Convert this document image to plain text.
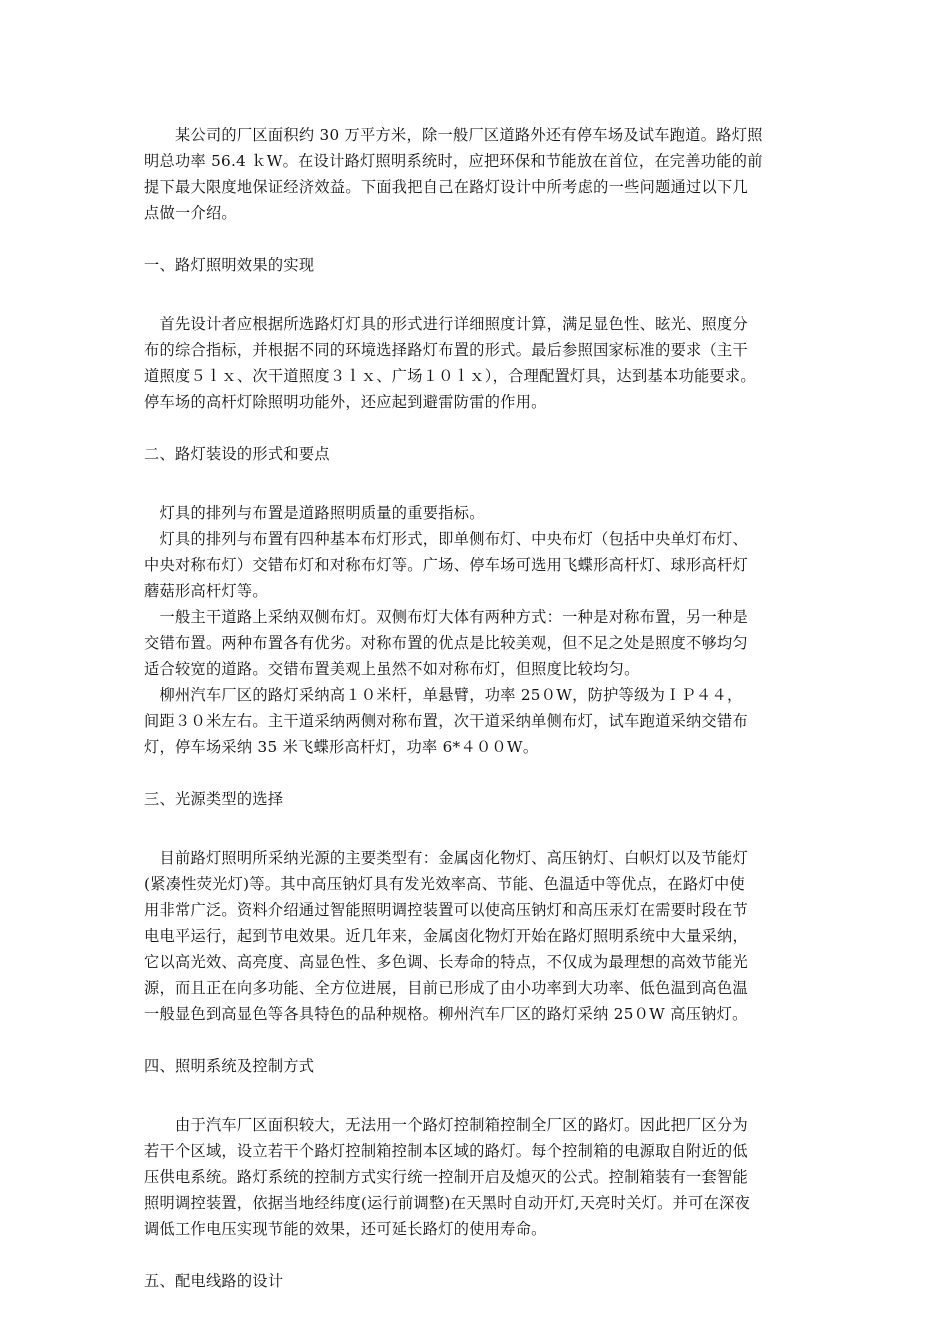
　　某公司的厂区面积约 30 万平方米，除一般厂区道路外还有停车场及试车跑道。路灯照
明总功率 56.4 ｋW。在设计路灯照明系统时，应把环保和节能放在首位，在完善功能的前
提下最大限度地保证经济效益。下面我把自己在路灯设计中所考虑的一些问题通过以下几
点做一介绍。

一、路灯照明效果的实现

　首先设计者应根据所选路灯灯具的形式进行详细照度计算，满足显色性、眩光、照度分
布的综合指标，并根据不同的环境选择路灯布置的形式。最后参照国家标准的要求（主干
道照度５ｌｘ、次干道照度３ｌｘ、广场１０ｌｘ），合理配置灯具，达到基本功能要求。
停车场的高杆灯除照明功能外，还应起到避雷防雷的作用。

二、路灯装设的形式和要点

　灯具的排列与布置是道路照明质量的重要指标。
　灯具的排列与布置有四种基本布灯形式，即单侧布灯、中央布灯（包括中央单灯布灯、
中央对称布灯）交错布灯和对称布灯等。广场、停车场可选用飞蝶形高杆灯、球形高杆灯
蘑菇形高杆灯等。
　一般主干道路上采纳双侧布灯。双侧布灯大体有两种方式：一种是对称布置，另一种是
交错布置。两种布置各有优劣。对称布置的优点是比较美观，但不足之处是照度不够均匀
适合较宽的道路。交错布置美观上虽然不如对称布灯，但照度比较均匀。
　柳州汽车厂区的路灯采纳高１０米杆，单悬臂，功率 25０W，防护等级为ＩＰ４４，
间距３０米左右。主干道采纳两侧对称布置，次干道采纳单侧布灯，试车跑道采纳交错布
灯，停车场采纳 35 米飞蝶形高杆灯，功率 6*４００W。

三、光源类型的选择

　目前路灯照明所采纳光源的主要类型有：金属卤化物灯、高压钠灯、白帜灯以及节能灯
(紧凑性荧光灯)等。其中高压钠灯具有发光效率高、节能、色温适中等优点，在路灯中使
用非常广泛。资料介绍通过智能照明调控装置可以使高压钠灯和高压汞灯在需要时段在节
电电平运行，起到节电效果。近几年来，金属卤化物灯开始在路灯照明系统中大量采纳，
它以高光效、高亮度、高显色性、多色调、长寿命的特点，不仅成为最理想的高效节能光
源，而且正在向多功能、全方位进展，目前已形成了由小功率到大功率、低色温到高色温
一般显色到高显色等各具特色的品种规格。柳州汽车厂区的路灯采纳 25０W 高压钠灯。

四、照明系统及控制方式

　　由于汽车厂区面积较大，无法用一个路灯控制箱控制全厂区的路灯。因此把厂区分为
若干个区域，设立若干个路灯控制箱控制本区域的路灯。每个控制箱的电源取自附近的低
压供电系统。路灯系统的控制方式实行统一控制开启及熄灭的公式。控制箱装有一套智能
照明调控装置，依据当地经纬度(运行前调整)在天黑时自动开灯,天亮时关灯。并可在深夜
调低工作电压实现节能的效果，还可延长路灯的使用寿命。

五、配电线路的设计
